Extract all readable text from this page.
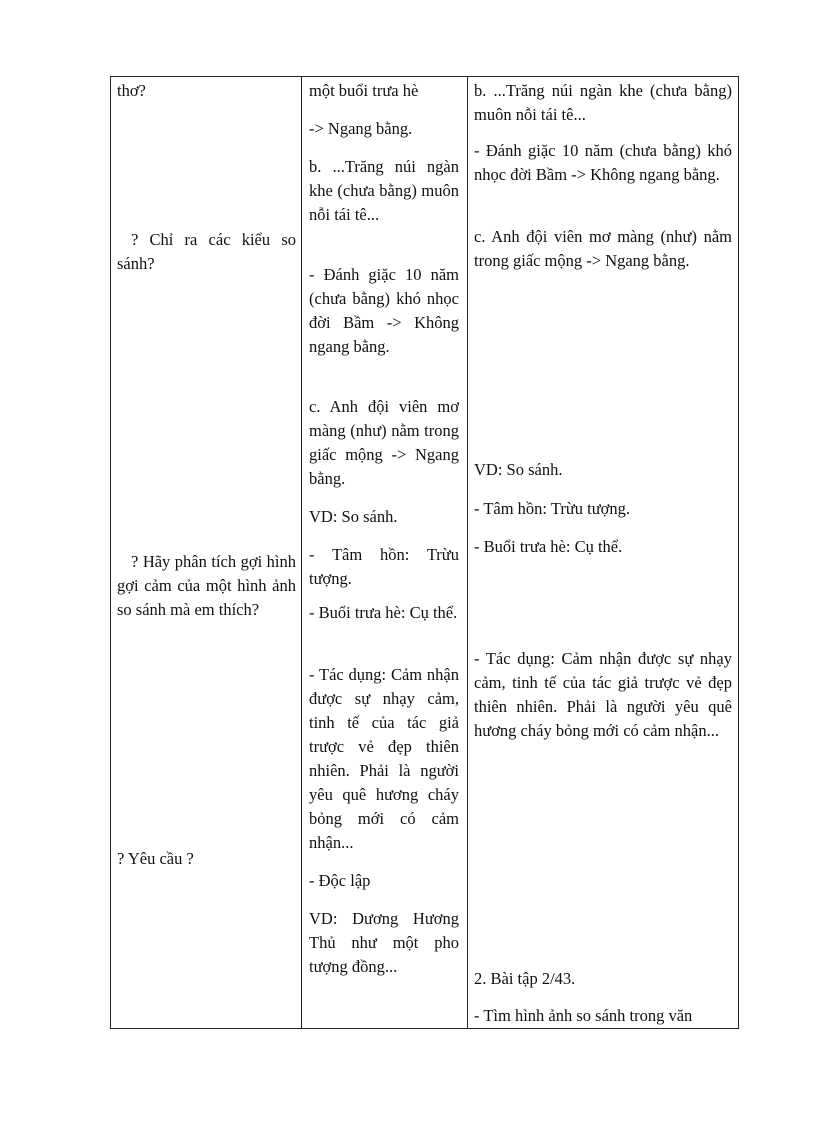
thơ?

? Chỉ ra các kiểu so sánh?

? Hãy phân tích gợi hình gợi cảm của một hình ảnh so sánh mà em thích?

? Yêu cầu ?

một buổi trưa hè

-> Ngang bằng.

b. ...Trăng núi ngàn khe (chưa bằng) muôn nỗi tái tê...

- Đánh giặc 10 năm (chưa bằng) khó nhọc đời Bầm -> Không ngang bằng.

c. Anh đội viên mơ màng (như) nằm trong giấc mộng -> Ngang bằng.

VD: So sánh.

- Tâm hồn: Trừu tượng.

- Buổi trưa hè: Cụ thể.

- Tác dụng: Cảm nhận được sự nhạy cảm, tinh tế của tác giả trược vẻ đẹp thiên nhiên. Phải là người yêu quê hương cháy bỏng mới có cảm nhận...

- Độc lập

VD: Dương Hương Thủ như một pho tượng đồng...

b. ...Trăng núi ngàn khe (chưa bằng) muôn nỗi tái tê...

- Đánh giặc 10 năm (chưa bằng) khó nhọc đời Bầm -> Không ngang bằng.

c. Anh đội viên mơ màng (như) nằm trong giấc mộng -> Ngang bằng.

VD: So sánh.

- Tâm hồn: Trừu tượng.

- Buổi trưa hè: Cụ thể.

- Tác dụng: Cảm nhận được sự nhạy cảm, tinh tế của tác giả trược vẻ đẹp thiên nhiên. Phải là người yêu quê hương cháy bỏng mới có cảm nhận...

2. Bài tập 2/43.

- Tìm hình ảnh so sánh trong văn
